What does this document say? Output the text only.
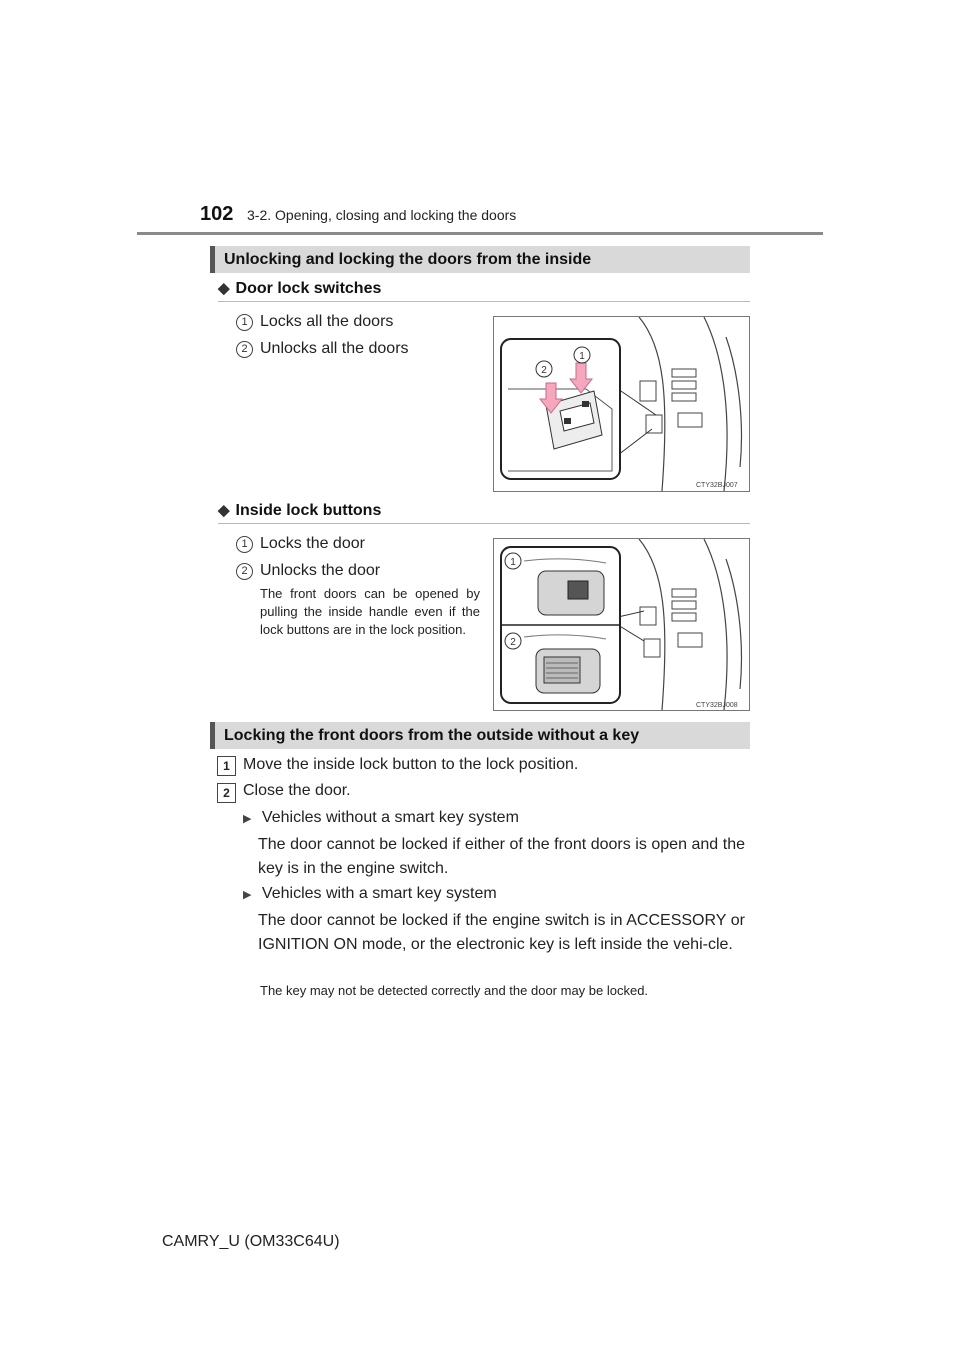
102 3-2. Opening, closing and locking the doors
Unlocking and locking the doors from the inside
◆ Door lock switches
1 Locks all the doors
2 Unlocks all the doors	1
2
CTY32BJ007
◆ Inside lock buttons
1 Locks the door
2 Unlocks the door
The front doors can be opened by pulling the inside handle even if the lock buttons are in the lock position.
1
2
CTY32BJ008
Locking the front doors from the outside without a key
1 Move the inside lock button to the lock position.
2 Close the door.
▶ Vehicles without a smart key system
The door cannot be locked if either of the front doors is open and the key is in the engine switch.
▶ Vehicles with a smart key system
The door cannot be locked if the engine switch is in ACCESSORY or IGNITION ON mode, or the electronic key is left inside the vehi-cle.
The key may not be detected correctly and the door may be locked.
CAMRY_U (OM33C64U)
